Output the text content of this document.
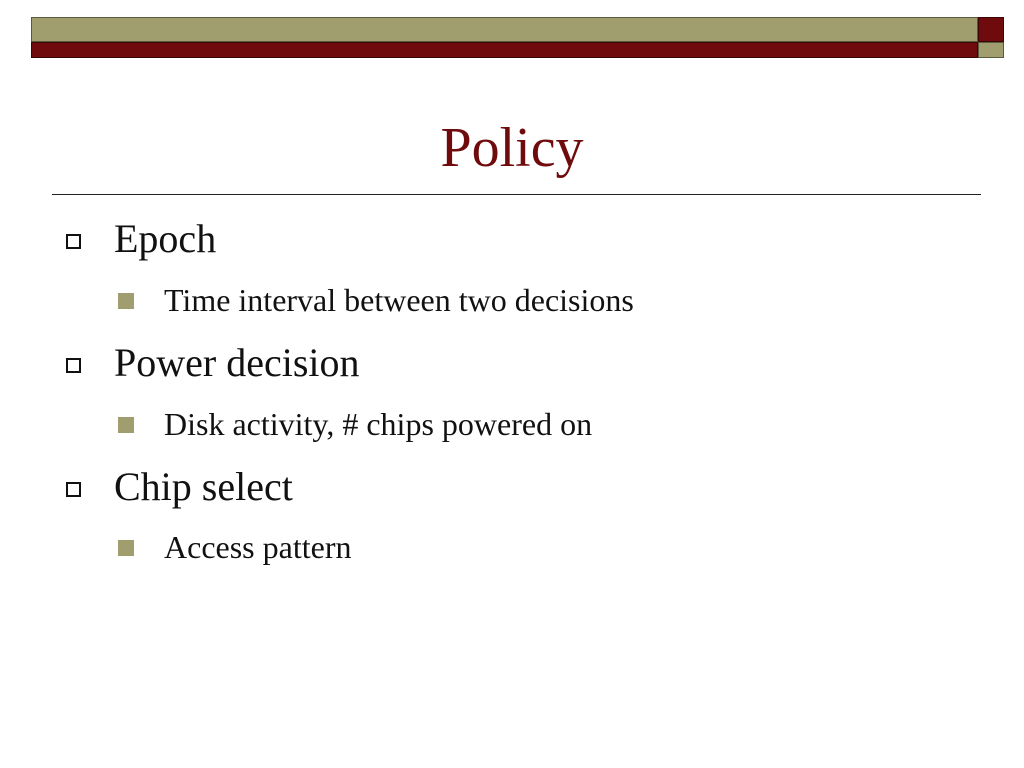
Policy
Epoch
Time interval between two decisions
Power decision
Disk activity, # chips powered on
Chip select
Access pattern
